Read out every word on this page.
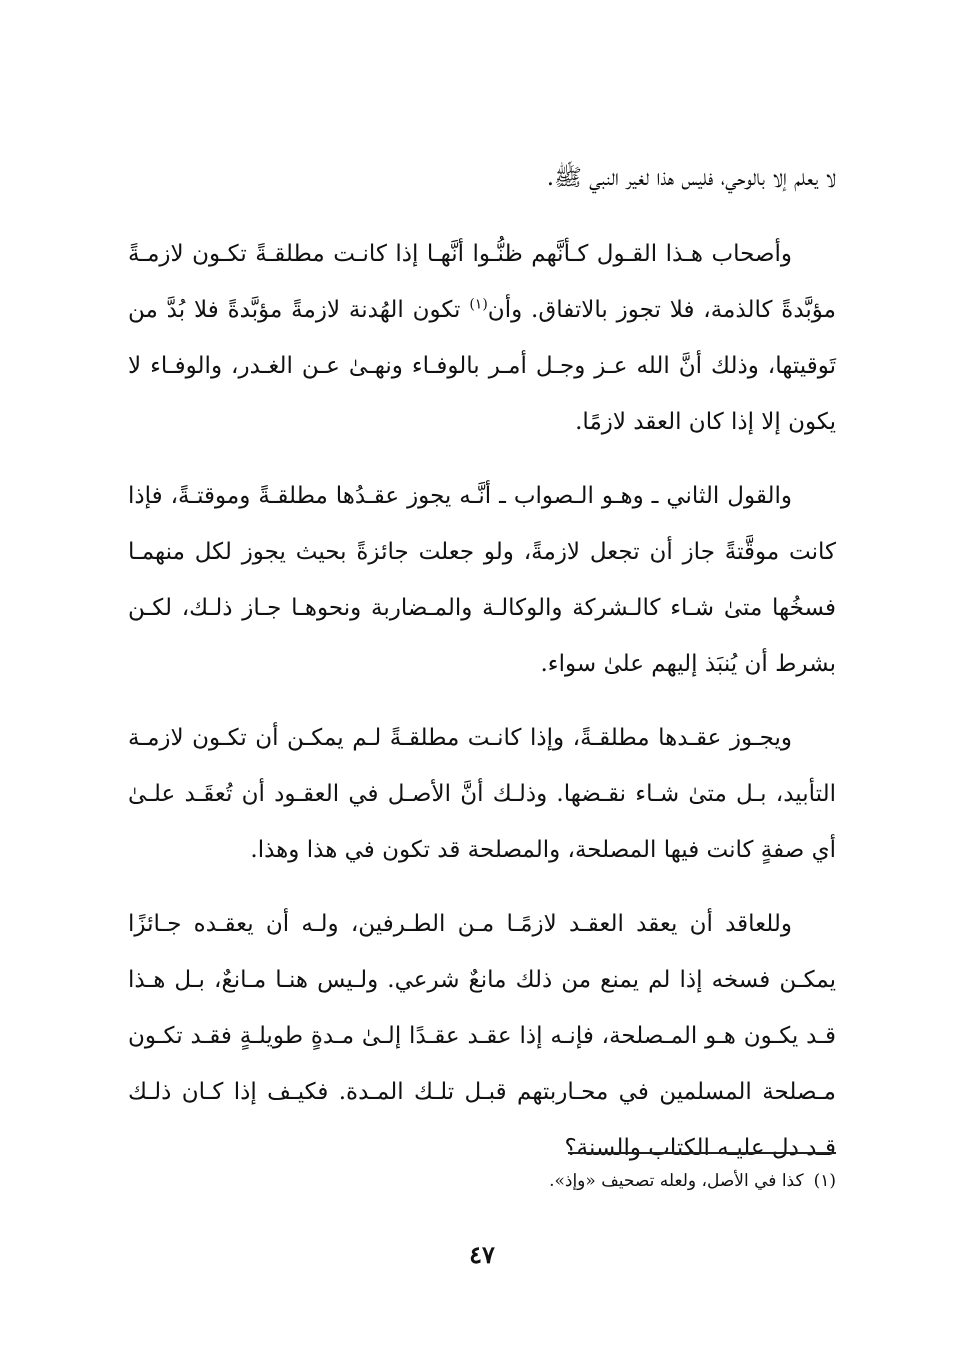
لا يعلم إلا بالوحي، فليس هذا لغير النبي ﷺ.

وأصحاب هـذا القـول كـأنَّهم ظنُّـوا أنَّهـا إذا كانـت مطلقـةً تكـون لازمـةً مؤبَّدةً كالذمة، فلا تجوز بالاتفاق. وأن$^{(١)}$ تكون الهُدنة لازمةً مؤبَّدةً فلا بُدَّ من تَوقيتها، وذلك أنَّ الله عـز وجـل أمـر بالوفـاء ونهـىٰ عـن الغـدر، والوفـاء لا يكون إلا إذا كان العقد لازمًا.

والقول الثاني ـ وهـو الـصواب ـ أنَّـه يجوز عقـدُها مطلقـةً وموقتـةً، فإذا كانت موقَّتةً جاز أن تجعل لازمةً، ولو جعلت جائزةً بحيث يجوز لكل منهمـا فسخُها متىٰ شـاء كالـشركة والوكالـة والمـضاربة ونحوهـا جـاز ذلـك، لكـن بشرط أن يُنبَذ إليهم علىٰ سواء.

ويجـوز عقـدها مطلقـةً، وإذا كانـت مطلقـةً لـم يمكـن أن تكـون لازمـة التأبيد، بـل متىٰ شـاء نقـضها. وذلـك أنَّ الأصـل في العقـود أن تُعقَـد علـىٰ أي صفةٍ كانت فيها المصلحة، والمصلحة قد تكون في هذا وهذا.

وللعاقد أن يعقد العقـد لازمًـا مـن الطـرفين، ولـه أن يعقـده جـائزًا يمكـن فسخه إذا لم يمنع من ذلك مانعٌ شرعي. ولـيس هنـا مـانعٌ، بـل هـذا قـد يكـون هـو المـصلحة، فإنـه إذا عقـد عقـدًا إلـىٰ مـدةٍ طويلـةٍ فقـد تكـون مـصلحة المسلمين في محـاربتهم قبـل تلـك المـدة. فكيـف إذا كـان ذلـك قـد دل عليـه الكتاب والسنة؟

(١)كذا في الأصل، ولعله تصحيف «وإذ».
٤٧
